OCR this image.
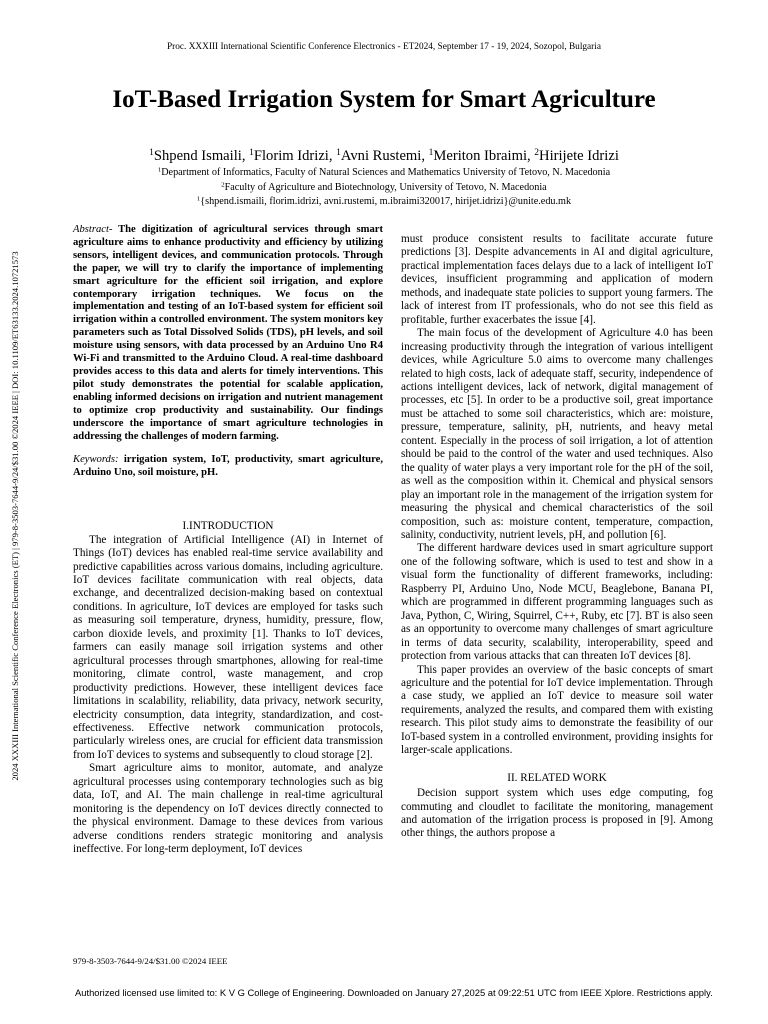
Proc. XXXIII International Scientific Conference Electronics - ET2024, September 17 - 19, 2024, Sozopol, Bulgaria
IoT-Based Irrigation System for Smart Agriculture
$^1$Shpend Ismaili, $^1$Florim Idrizi, $^1$Avni Rustemi, $^1$Meriton Ibraimi, $^2$Hirijete Idrizi
$^1$Department of Informatics, Faculty of Natural Sciences and Mathematics University of Tetovo, N. Macedonia
$^2$Faculty of Agriculture and Biotechnology, University of Tetovo, N. Macedonia
$^1${shpend.ismaili, florim.idrizi, avni.rustemi, m.ibraimi320017, hirijet.idrizi}@unite.edu.mk
2024 XXXIII International Scientific Conference Electronics (ET) | 979-8-3503-7644-9/24/$31.00 ©2024 IEEE | DOI: 10.1109/ET63133.2024.10721573

Abstract- The digitization of agricultural services through smart agriculture aims to enhance productivity and efficiency by utilizing sensors, intelligent devices, and communication protocols. Through the paper, we will try to clarify the importance of implementing smart agriculture for the efficient soil irrigation, and explore contemporary irrigation techniques. We focus on the implementation and testing of an IoT-based system for efficient soil irrigation within a controlled environment. The system monitors key parameters such as Total Dissolved Solids (TDS), pH levels, and soil moisture using sensors, with data processed by an Arduino Uno R4 Wi-Fi and transmitted to the Arduino Cloud. A real-time dashboard provides access to this data and alerts for timely interventions. This pilot study demonstrates the potential for scalable application, enabling informed decisions on irrigation and nutrient management to optimize crop productivity and sustainability. Our findings underscore the importance of smart agriculture technologies in addressing the challenges of modern farming.

Keywords: irrigation system, IoT, productivity, smart agriculture, Arduino Uno, soil moisture, pH.

I.INTRODUCTION

The integration of Artificial Intelligence (AI) in Internet of Things (IoT) devices has enabled real-time service availability and predictive capabilities across various domains, including agriculture. IoT devices facilitate communication with real objects, data exchange, and decentralized decision-making based on contextual conditions. In agriculture, IoT devices are employed for tasks such as measuring soil temperature, dryness, humidity, pressure, flow, carbon dioxide levels, and proximity [1]. Thanks to IoT devices, farmers can easily manage soil irrigation systems and other agricultural processes through smartphones, allowing for real-time monitoring, climate control, waste management, and crop productivity predictions. However, these intelligent devices face limitations in scalability, reliability, data privacy, network security, electricity consumption, data integrity, standardization, and cost-effectiveness. Effective network communication protocols, particularly wireless ones, are crucial for efficient data transmission from IoT devices to systems and subsequently to cloud storage [2].

Smart agriculture aims to monitor, automate, and analyze agricultural processes using contemporary technologies such as big data, IoT, and AI. The main challenge in real-time agricultural monitoring is the dependency on IoT devices directly connected to the physical environment. Damage to these devices from various adverse conditions renders strategic monitoring and analysis ineffective. For long-term deployment, IoT devices

must produce consistent results to facilitate accurate future predictions [3]. Despite advancements in AI and digital agriculture, practical implementation faces delays due to a lack of intelligent IoT devices, insufficient programming and application of modern methods, and inadequate state policies to support young farmers. The lack of interest from IT professionals, who do not see this field as profitable, further exacerbates the issue [4].

The main focus of the development of Agriculture 4.0 has been increasing productivity through the integration of various intelligent devices, while Agriculture 5.0 aims to overcome many challenges related to high costs, lack of adequate staff, security, independence of actions intelligent devices, lack of network, digital management of processes, etc [5]. In order to be a productive soil, great importance must be attached to some soil characteristics, which are: moisture, pressure, temperature, salinity, pH, nutrients, and heavy metal content. Especially in the process of soil irrigation, a lot of attention should be paid to the control of the water and used techniques. Also the quality of water plays a very important role for the pH of the soil, as well as the composition within it. Chemical and physical sensors play an important role in the management of the irrigation system for measuring the physical and chemical characteristics of the soil composition, such as: moisture content, temperature, compaction, salinity, conductivity, nutrient levels, pH, and pollution [6].

The different hardware devices used in smart agriculture support one of the following software, which is used to test and show in a visual form the functionality of different frameworks, including: Raspberry PI, Arduino Uno, Node MCU, Beaglebone, Banana PI, which are programmed in different programming languages such as Java, Python, C, Wiring, Squirrel, C++, Ruby, etc [7]. BT is also seen as an opportunity to overcome many challenges of smart agriculture in terms of data security, scalability, interoperability, speed and protection from various attacks that can threaten IoT devices [8].

This paper provides an overview of the basic concepts of smart agriculture and the potential for IoT device implementation. Through a case study, we applied an IoT device to measure soil water requirements, analyzed the results, and compared them with existing research. This pilot study aims to demonstrate the feasibility of our IoT-based system in a controlled environment, providing insights for larger-scale applications.

II. RELATED WORK

Decision support system which uses edge computing, fog commuting and cloudlet to facilitate the monitoring, management and automation of the irrigation process is proposed in [9]. Among other things, the authors propose a

979-8-3503-7644-9/24/$31.00 ©2024 IEEE
Authorized licensed use limited to: K V G College of Engineering. Downloaded on January 27,2025 at 09:22:51 UTC from IEEE Xplore. Restrictions apply.
